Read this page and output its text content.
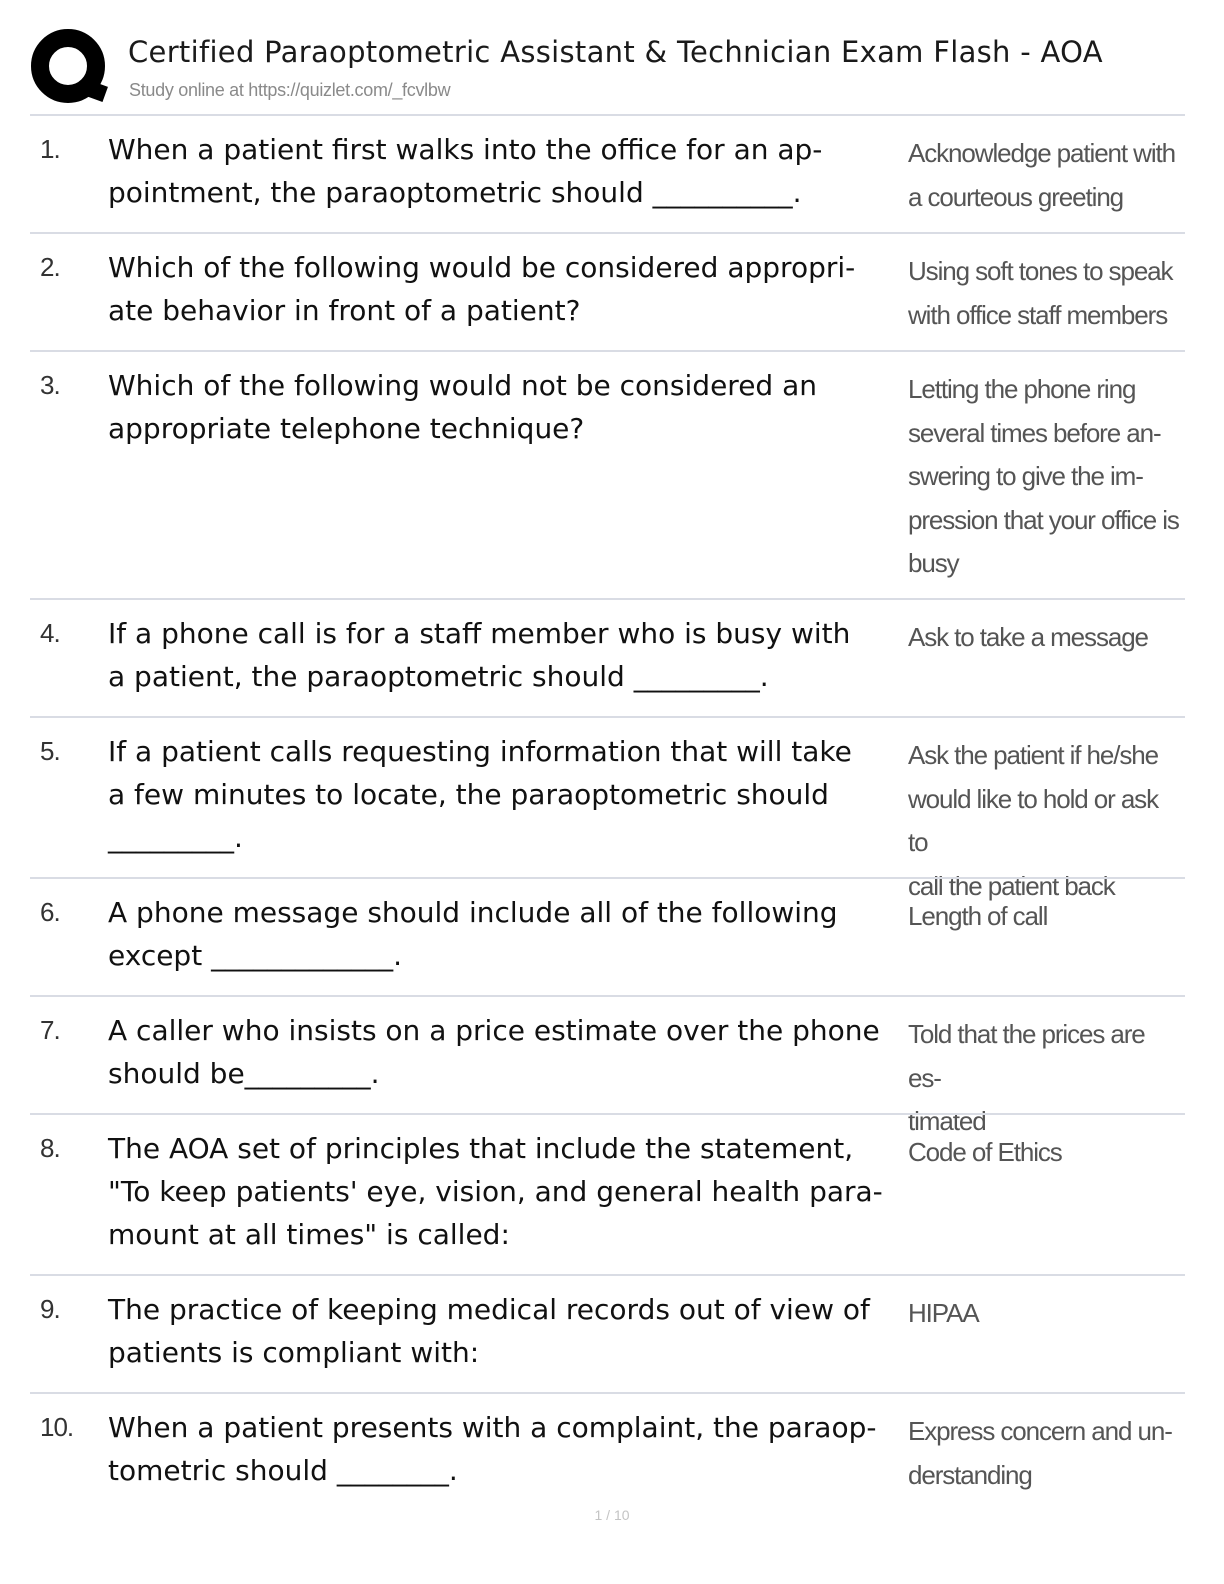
Certified Paraoptometric Assistant & Technician Exam Flash - AOA
Study online at https://quizlet.com/_fcvlbw
1. When a patient first walks into the office for an ap-
pointment, the paraoptometric should __________.
Acknowledge patient with
a courteous greeting
2. Which of the following would be considered appropri-
ate behavior in front of a patient?
Using soft tones to speak
with office staff members
3. Which of the following would not be considered an
appropriate telephone technique?
Letting the phone ring
several times before an-
swering to give the im-
pression that your office is
busy
4. If a phone call is for a staff member who is busy with
a patient, the paraoptometric should _________.
Ask to take a message
5. If a patient calls requesting information that will take
a few minutes to locate, the paraoptometric should
_________.
Ask the patient if he/she
would like to hold or ask to
call the patient back
6. A phone message should include all of the following
except _____________.
Length of call
7. A caller who insists on a price estimate over the phone
should be_________.
Told that the prices are es-
timated
8. The AOA set of principles that include the statement,
"To keep patients' eye, vision, and general health para-
mount at all times" is called:
Code of Ethics
9. The practice of keeping medical records out of view of
patients is compliant with:
HIPAA
10. When a patient presents with a complaint, the paraop-
tometric should ________.
Express concern and un-
derstanding
1 / 10
